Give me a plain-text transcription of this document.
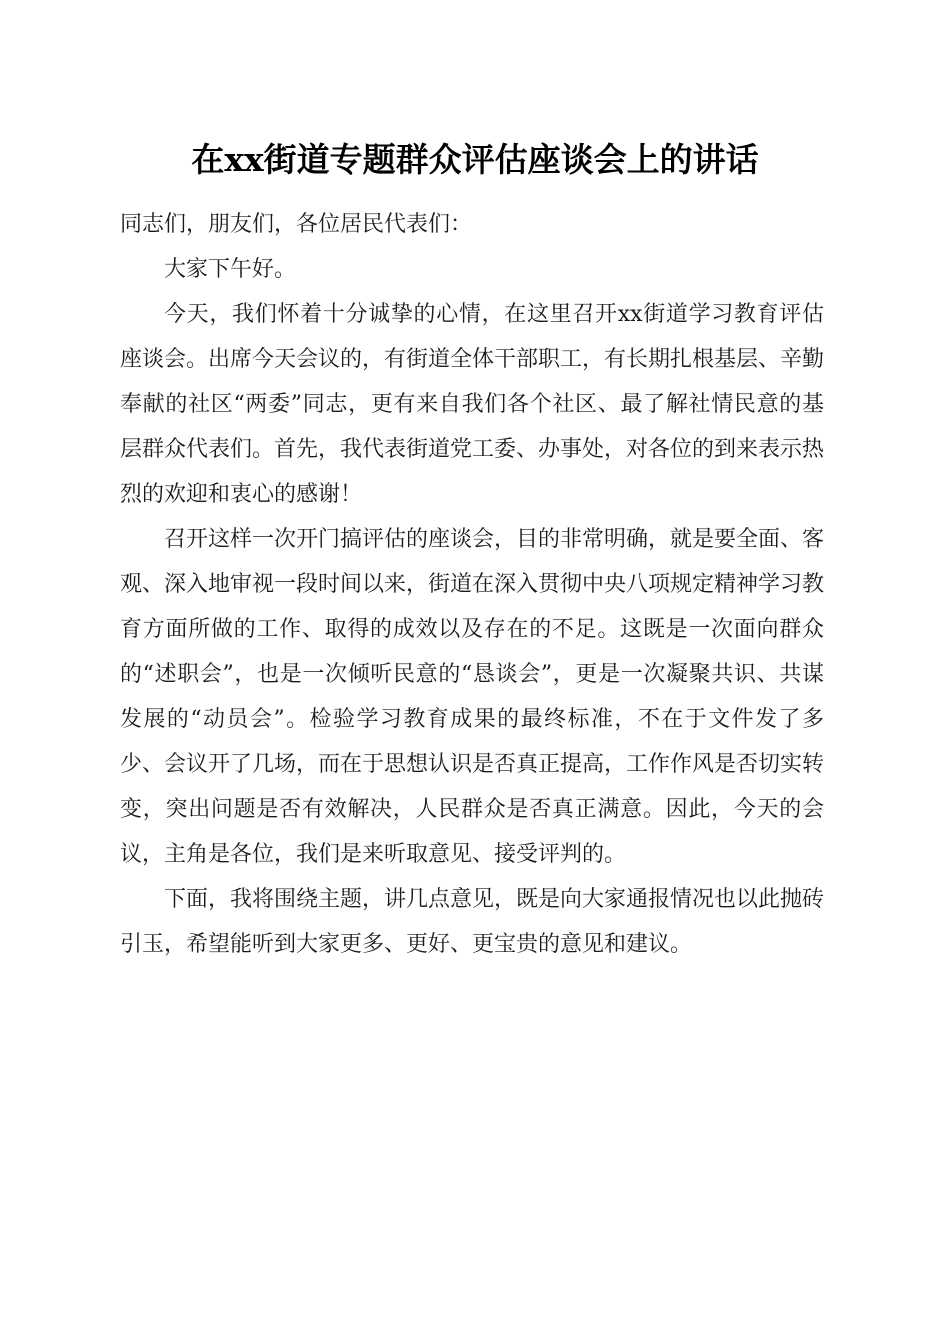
在xx街道专题群众评估座谈会上的讲话

同志们，朋友们，各位居民代表们：

大家下午好。

今天，我们怀着十分诚挚的心情，在这里召开xx街道学习教育评估座谈会。出席今天会议的，有街道全体干部职工，有长期扎根基层、辛勤奉献的社区“两委”同志，更有来自我们各个社区、最了解社情民意的基层群众代表们。首先，我代表街道党工委、办事处，对各位的到来表示热烈的欢迎和衷心的感谢！

召开这样一次开门搞评估的座谈会，目的非常明确，就是要全面、客观、深入地审视一段时间以来，街道在深入贯彻中央八项规定精神学习教育方面所做的工作、取得的成效以及存在的不足。这既是一次面向群众的“述职会”，也是一次倾听民意的“恳谈会”，更是一次凝聚共识、共谋发展的“动员会”。检验学习教育成果的最终标准，不在于文件发了多少、会议开了几场，而在于思想认识是否真正提高，工作作风是否切实转变，突出问题是否有效解决，人民群众是否真正满意。因此，今天的会议，主角是各位，我们是来听取意见、接受评判的。

下面，我将围绕主题，讲几点意见，既是向大家通报情况也以此抛砖引玉，希望能听到大家更多、更好、更宝贵的意见和建议。
